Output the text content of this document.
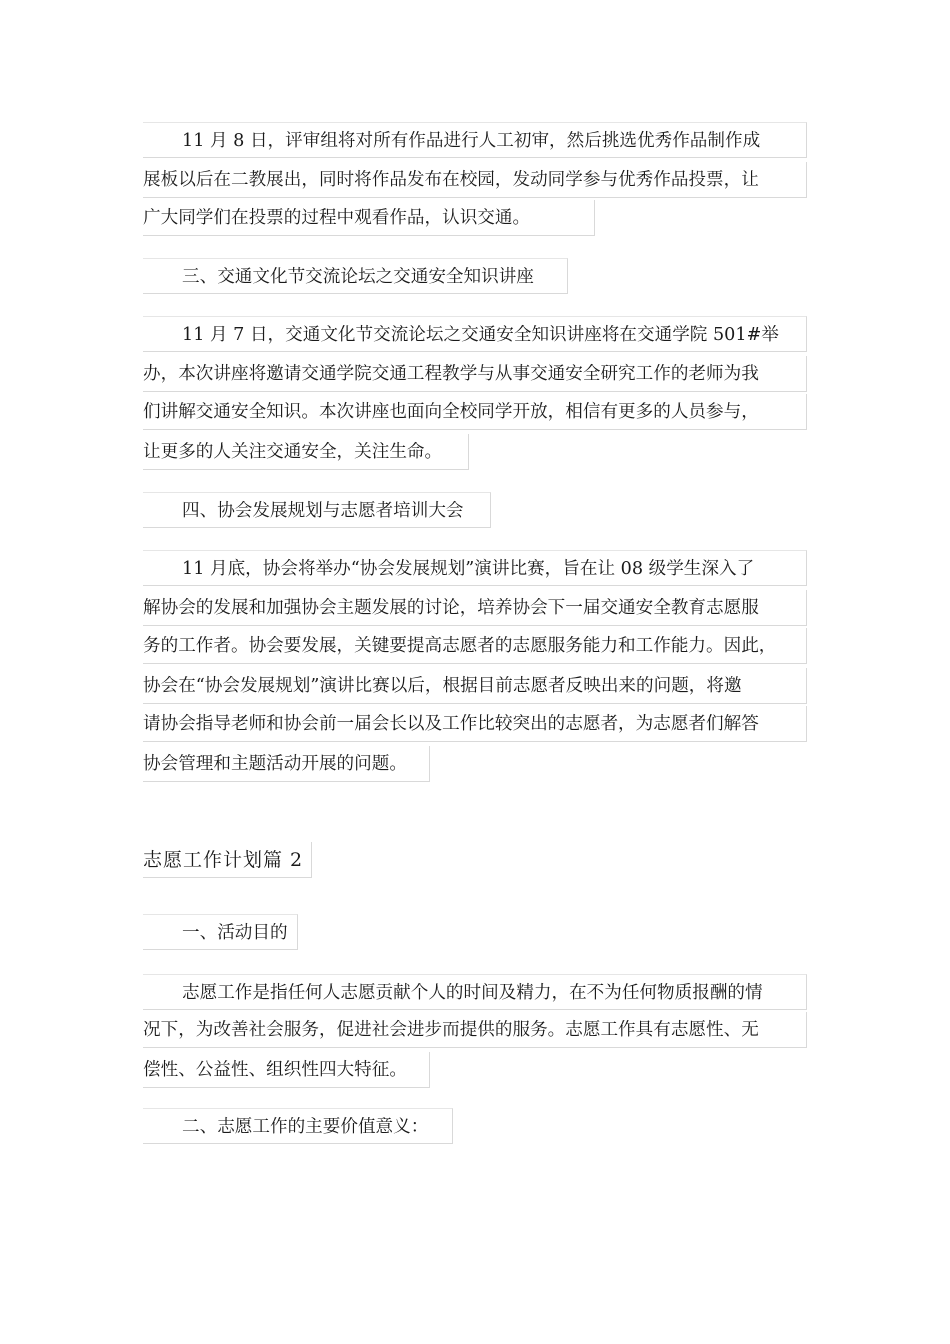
11 月 8 日，评审组将对所有作品进行人工初审，然后挑选优秀作品制作成
展板以后在二教展出，同时将作品发布在校园，发动同学参与优秀作品投票，让
广大同学们在投票的过程中观看作品，认识交通。
三、交通文化节交流论坛之交通安全知识讲座
11 月 7 日，交通文化节交流论坛之交通安全知识讲座将在交通学院 501#举
办，本次讲座将邀请交通学院交通工程教学与从事交通安全研究工作的老师为我
们讲解交通安全知识。本次讲座也面向全校同学开放，相信有更多的人员参与，
让更多的人关注交通安全，关注生命。
四、协会发展规划与志愿者培训大会
11 月底，协会将举办“协会发展规划”演讲比赛，旨在让 08 级学生深入了
解协会的发展和加强协会主题发展的讨论，培养协会下一届交通安全教育志愿服
务的工作者。协会要发展，关键要提高志愿者的志愿服务能力和工作能力。因此，
协会在“协会发展规划”演讲比赛以后，根据目前志愿者反映出来的问题，将邀
请协会指导老师和协会前一届会长以及工作比较突出的志愿者，为志愿者们解答
协会管理和主题活动开展的问题。
志愿工作计划篇 2
一、活动目的
志愿工作是指任何人志愿贡献个人的时间及精力，在不为任何物质报酬的情
况下，为改善社会服务，促进社会进步而提供的服务。志愿工作具有志愿性、无
偿性、公益性、组织性四大特征。
二、志愿工作的主要价值意义：
